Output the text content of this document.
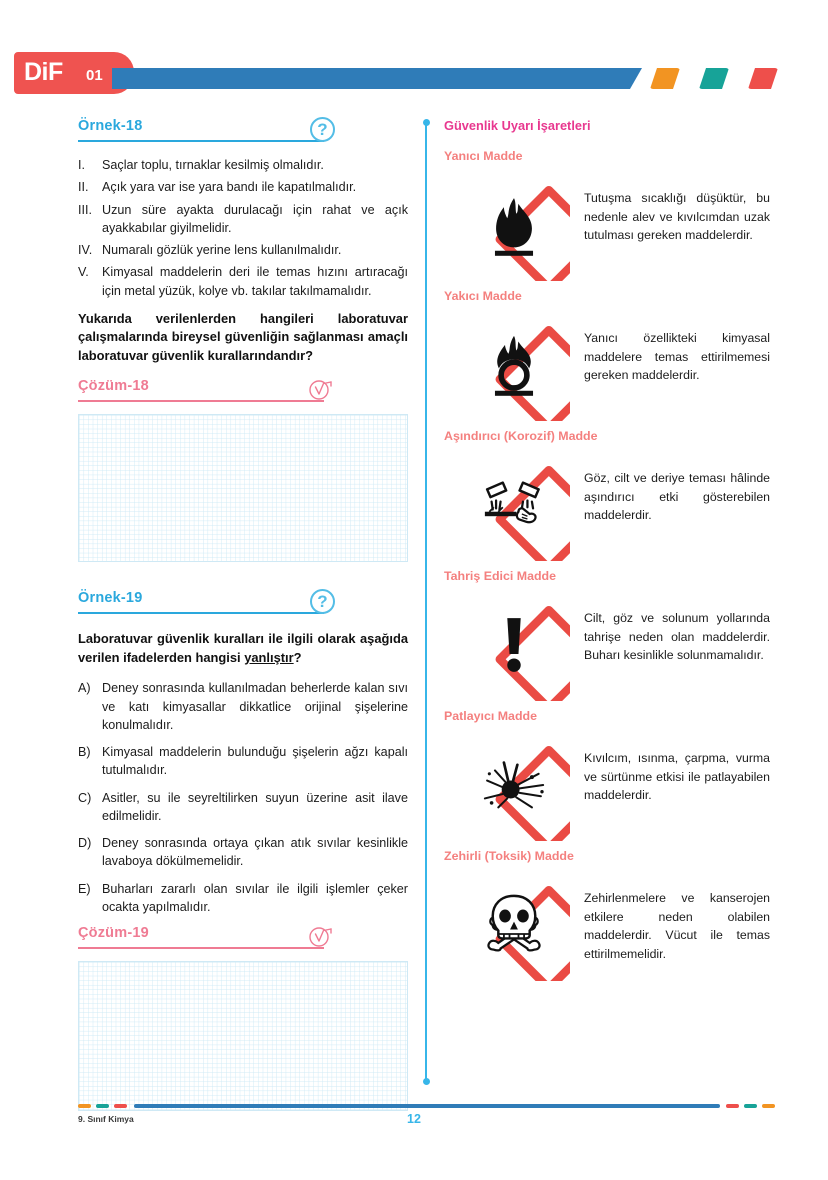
DiF 01
Örnek-18	?
I.	Saçlar toplu, tırnaklar kesilmiş olmalıdır.
II.	Açık yara var ise yara bandı ile kapatılmalıdır.
III. Uzun süre ayakta durulacağı için rahat ve açık ayakkabılar giyilmelidir.
IV. Numaralı gözlük yerine lens kullanılmalıdır.
V.	Kimyasal maddelerin deri ile temas hızını artıracağı için metal yüzük, kolye vb. takılar takılmamalıdır.
Yukarıda verilenlerden hangileri laboratuvar çalışmalarında bireysel güvenliğin sağlanması amaçlı laboratuvar güvenlik kurallarındandır?
Çözüm-18
Örnek-19	?
Laboratuvar güvenlik kuralları ile ilgili olarak aşağıda verilen ifadelerden hangisi yanlıştır?
A) Deney sonrasında kullanılmadan beherlerde kalan sıvı ve katı kimyasallar dikkatlice orijinal şişelerine konulmalıdır.
B) Kimyasal maddelerin bulunduğu şişelerin ağzı kapalı tutulmalıdır.
C) Asitler, su ile seyreltilirken suyun üzerine asit ilave edilmelidir.
D) Deney sonrasında ortaya çıkan atık sıvılar kesinlikle lavaboya dökülmemelidir.
E) Buharları zararlı olan sıvılar ile ilgili işlemler çeker ocakta yapılmalıdır.
Çözüm-19
Güvenlik Uyarı İşaretleri
Yanıcı Madde
Tutuşma sıcaklığı düşüktür, bu nedenle alev ve kıvılcımdan uzak tutulması gereken maddelerdir.
Yakıcı Madde
Yanıcı özellikteki kimyasal maddelere temas ettirilmemesi gereken maddelerdir.
Aşındırıcı (Korozif) Madde
Göz, cilt ve deriye teması hâlinde aşındırıcı etki gösterebilen maddelerdir.
Tahriş Edici Madde
Cilt, göz ve solunum yollarında tahrişe neden olan maddelerdir. Buharı kesinlikle solunmamalıdır.
Patlayıcı Madde
Kıvılcım, ısınma, çarpma, vurma ve sürtünme etkisi ile patlayabilen maddelerdir.
Zehirli (Toksik) Madde
Zehirlenmelere ve kanserojen etkilere neden olabilen maddelerdir. Vücut ile temas ettirilmemelidir.
9. Sınıf Kimya	12
